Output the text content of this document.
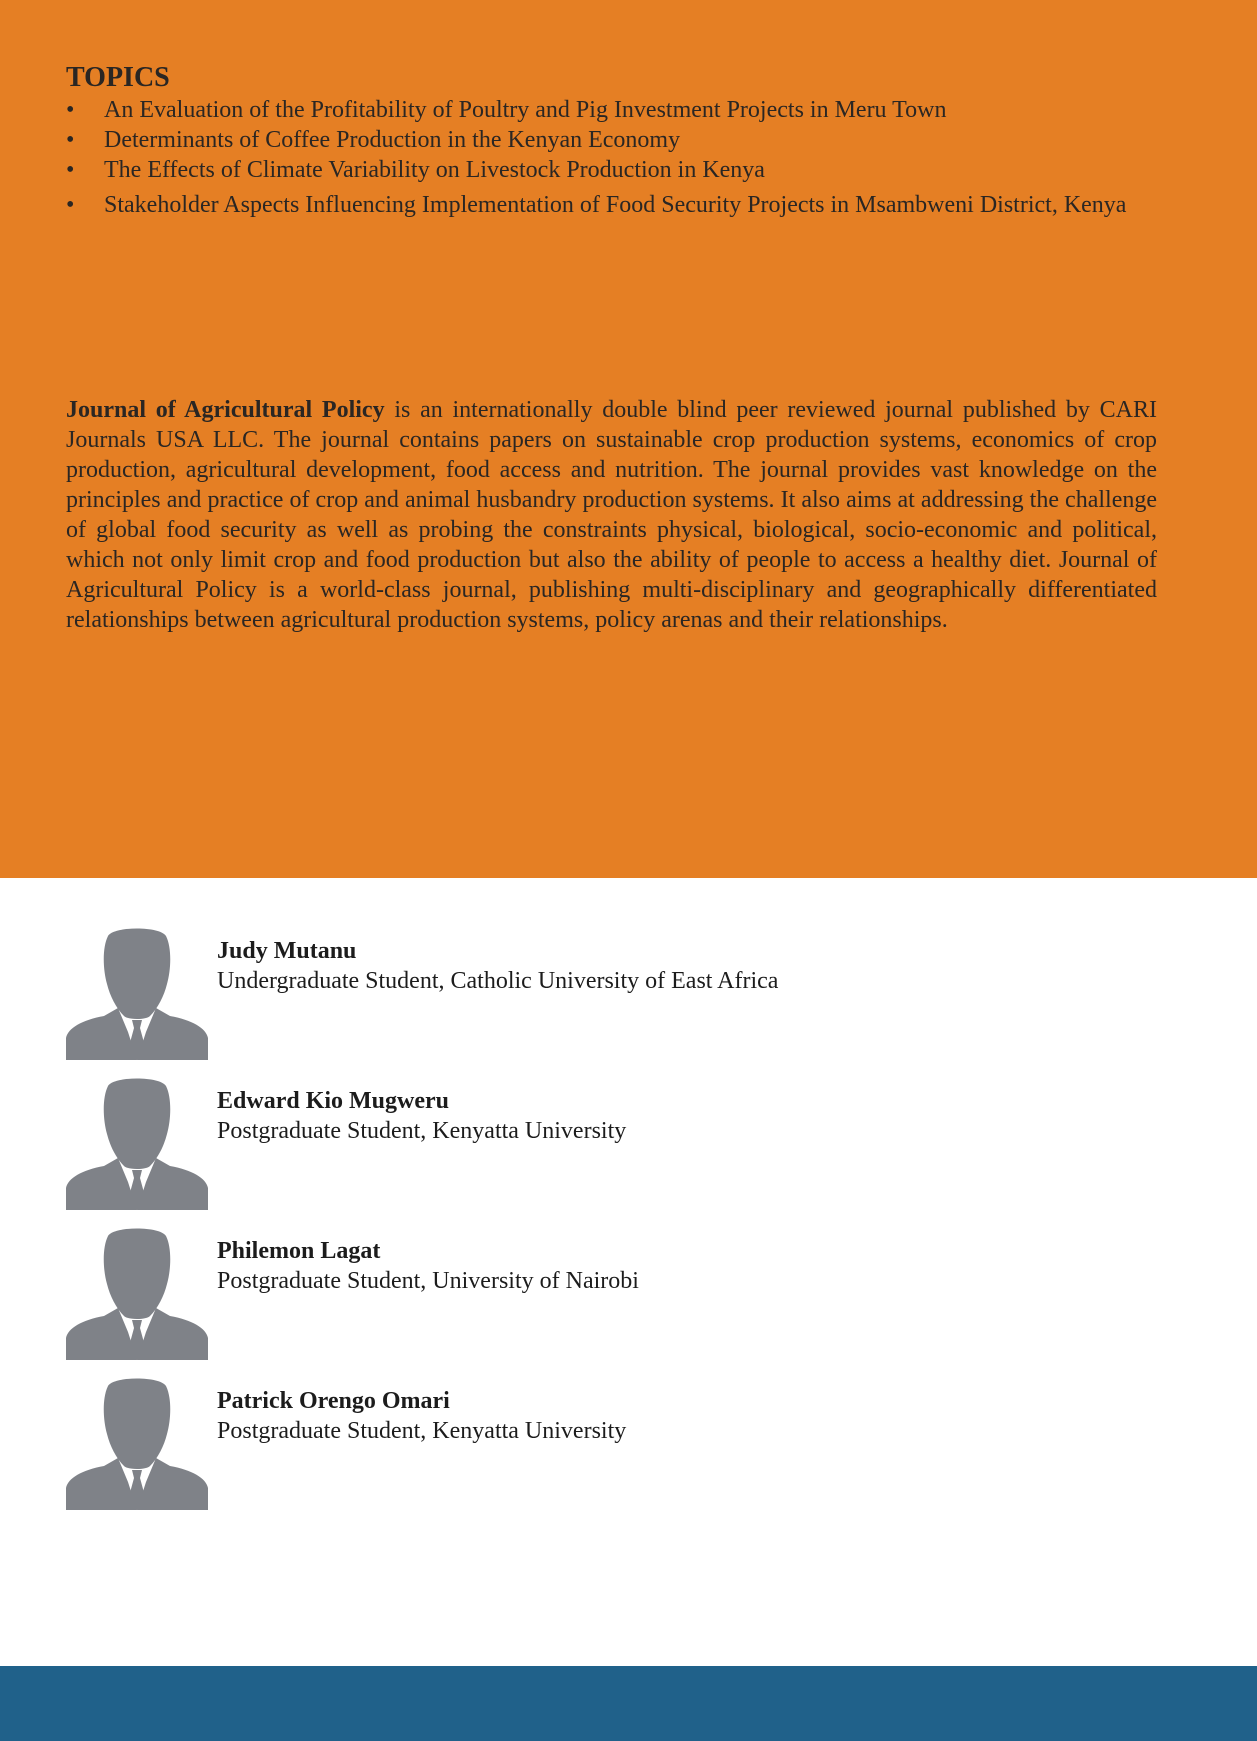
TOPICS
• An Evaluation of the Profitability of Poultry and Pig Investment Projects in Meru Town
• Determinants of Coffee Production in the Kenyan Economy
• The Effects of Climate Variability on Livestock Production in Kenya
• Stakeholder Aspects Influencing Implementation of Food Security Projects in Msambweni District, Kenya

Journal of Agricultural Policy is an internationally double blind peer reviewed journal published by CARI Journals USA LLC. The journal contains papers on sustainable crop production systems, economics of crop production, agricultural development, food access and nutrition. The journal provides vast knowledge on the principles and practice of crop and animal husbandry production systems. It also aims at addressing the challenge of global food security as well as probing the constraints physical, biological, socio-economic and political, which not only limit crop and food production but also the ability of people to access a healthy diet. Journal of Agricultural Policy is a world-class journal, publishing multi-disciplinary and geographically differentiated relationships between agricultural production systems, policy arenas and their relationships.

Judy Mutanu
Undergraduate Student, Catholic University of East Africa
Edward Kio Mugweru
Postgraduate Student, Kenyatta University
Philemon Lagat
Postgraduate Student, University of Nairobi
Patrick Orengo Omari
Postgraduate Student, Kenyatta University
